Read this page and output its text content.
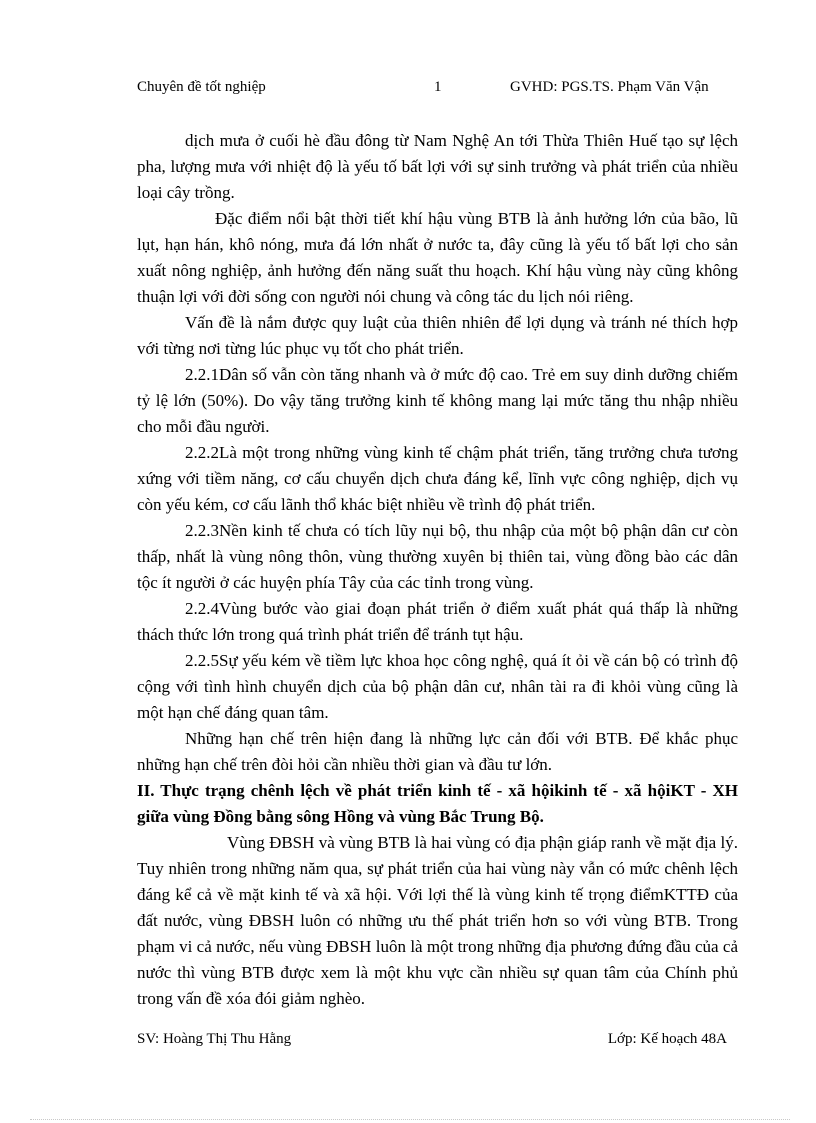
Chuyên đề tốt nghiệp	1	GVHD: PGS.TS. Phạm Văn Vận

dịch mưa ở cuối hè đầu đông từ Nam Nghệ An tới Thừa Thiên Huế tạo sự lệch pha, lượng mưa với nhiệt độ là yếu tố bất lợi với sự sinh trưởng và phát triển của nhiều loại cây trồng.

Đặc điểm nổi bật thời tiết khí hậu vùng BTB là ảnh hưởng lớn của bão, lũ lụt, hạn hán, khô nóng, mưa đá lớn nhất ở nước ta, đây cũng là yếu tố bất lợi cho sản xuất nông nghiệp, ảnh hưởng đến năng suất thu hoạch. Khí hậu vùng này cũng không thuận lợi với đời sống con người nói chung và công tác du lịch nói riêng.

Vấn đề là nắm được quy luật của thiên nhiên để lợi dụng và tránh né thích hợp với từng nơi từng lúc phục vụ tốt cho phát triển.

2.2.1Dân số vẫn còn tăng nhanh và ở mức độ cao. Trẻ em suy dinh dưỡng chiếm tỷ lệ lớn (50%). Do vậy tăng trưởng kinh tế không mang lại mức tăng thu nhập nhiều cho mỗi đầu người.

2.2.2Là một trong những vùng kinh tế chậm phát triển, tăng trưởng chưa tương xứng với tiềm năng, cơ cấu chuyển dịch chưa đáng kể, lĩnh vực công nghiệp, dịch vụ còn yếu kém, cơ cấu lãnh thổ khác biệt nhiều về trình độ phát triển.

2.2.3Nền kinh tế chưa có tích lũy nụi bộ, thu nhập của một bộ phận dân cư còn thấp, nhất là vùng nông thôn, vùng thường xuyên bị thiên tai, vùng đồng bào các dân tộc ít người ở các huyện phía Tây của các tỉnh trong vùng.

2.2.4Vùng bước vào giai đoạn phát triển ở điểm xuất phát quá thấp là những thách thức lớn trong quá trình phát triển để tránh tụt hậu.

2.2.5Sự yếu kém về tiềm lực khoa học công nghệ, quá ít ỏi về cán bộ có trình độ cộng với tình hình chuyển dịch của bộ phận dân cư, nhân tài ra đi khỏi vùng cũng là một hạn chế đáng quan tâm.

Những hạn chế trên hiện đang là những lực cản đối với BTB. Để khắc phục những hạn chế trên đòi hỏi cần nhiều thời gian và đầu tư lớn.

II. Thực trạng chênh lệch về phát triển kinh tế - xã hộikinh tế - xã hộiKT - XH giữa vùng Đồng bằng sông Hồng và vùng Bắc Trung Bộ.

Vùng ĐBSH và vùng BTB là hai vùng có địa phận giáp ranh về mặt địa lý. Tuy nhiên trong những năm qua, sự phát triển của hai vùng này vẫn có mức chênh lệch đáng kể cả về mặt kinh tế và xã hội. Với lợi thế là vùng kinh tế trọng điểmKTTĐ của đất nước, vùng ĐBSH luôn có những ưu thế phát triển hơn so với vùng BTB. Trong phạm vi cả nước, nếu vùng ĐBSH luôn là một trong những địa phương đứng đầu của cả nước thì vùng BTB được xem là một khu vực cần nhiều sự quan tâm của Chính phủ trong vấn đề xóa đói giảm nghèo.

SV: Hoàng Thị Thu Hằng	Lớp: Kế hoạch 48A
